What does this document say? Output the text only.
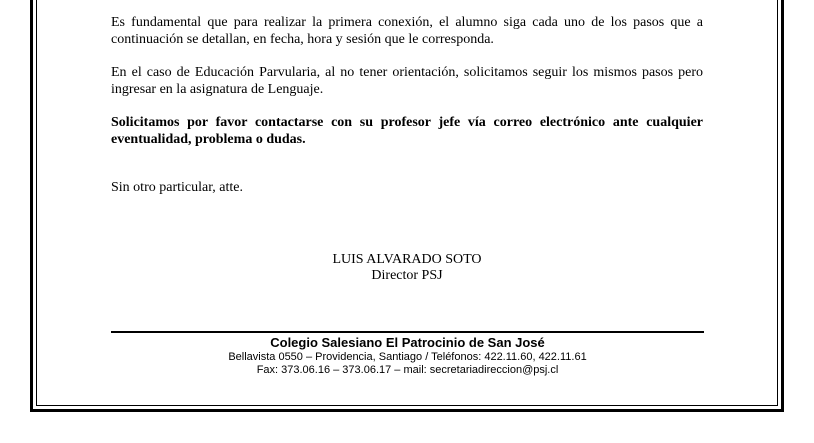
Es fundamental que para realizar la primera conexión, el alumno siga cada uno de los pasos que a continuación se detallan, en fecha, hora y sesión que le corresponda.

En el caso de Educación Parvularia, al no tener orientación, solicitamos seguir los mismos pasos pero ingresar en la asignatura de Lenguaje.

Solicitamos por favor contactarse con su profesor jefe vía correo electrónico ante cualquier eventualidad, problema o dudas.

Sin otro particular, atte.

LUIS ALVARADO SOTO
Director PSJ
Colegio Salesiano El Patrocinio de San José
Bellavista 0550 – Providencia, Santiago / Teléfonos: 422.11.60, 422.11.61
Fax: 373.06.16 – 373.06.17 – mail: secretariadireccion@psj.cl
